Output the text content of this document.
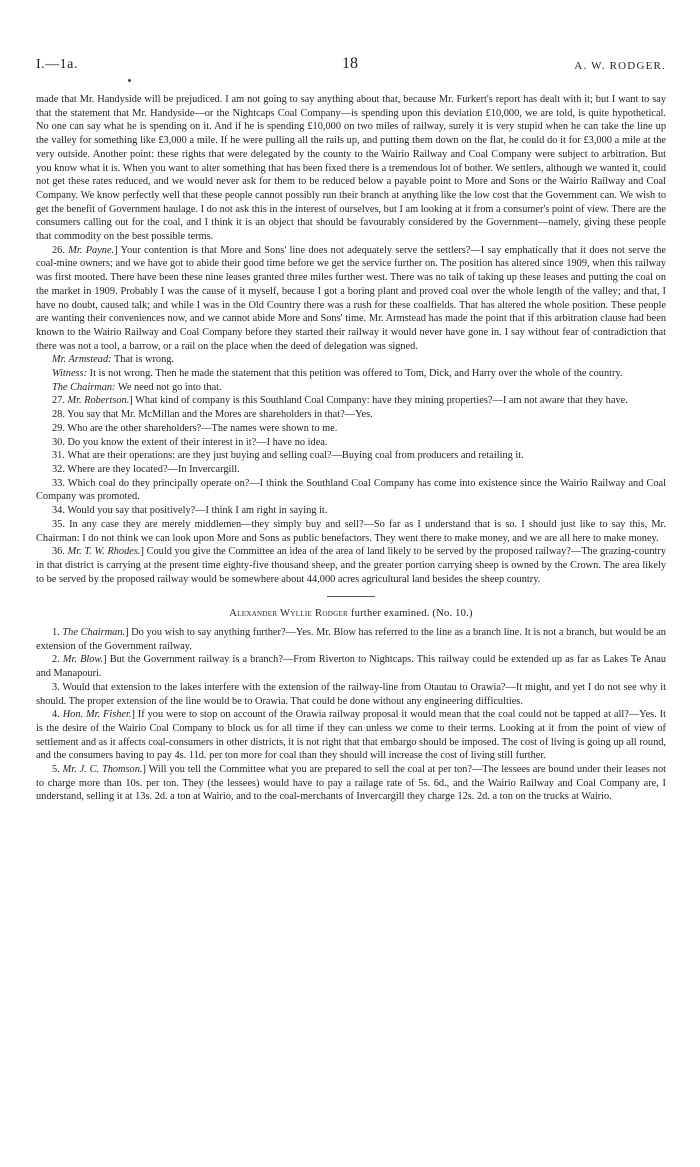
I.—1a.	18	A. W. RODGER.

made that Mr. Handyside will be prejudiced. I am not going to say anything about that, because Mr. Furkert's report has dealt with it; but I want to say that the statement that Mr. Handyside—or the Nightcaps Coal Company—is spending upon this deviation £10,000, we are told, is quite hypothetical. No one can say what he is spending on it. And if he is spending £10,000 on two miles of railway, surely it is very stupid when he can take the line up the valley for something like £3,000 a mile. If he were pulling all the rails up, and putting them down on the flat, he could do it for £3,000 a mile at the very outside. Another point: these rights that were delegated by the county to the Wairio Railway and Coal Company were subject to arbitration. But you know what it is. When you want to alter something that has been fixed there is a tremendous lot of bother. We settlers, although we wanted it, could not get these rates reduced, and we would never ask for them to be reduced below a payable point to More and Sons or the Wairio Railway and Coal Company. We know perfectly well that these people cannot possibly run their branch at anything like the low cost that the Government can. We wish to get the benefit of Government haulage. I do not ask this in the interest of ourselves, but I am looking at it from a consumer's point of view. There are the consumers calling out for the coal, and I think it is an object that should be favourably considered by the Government—namely, giving these people that commodity on the best possible terms.

26. Mr. Payne.] Your contention is that More and Sons' line does not adequately serve the settlers?—I say emphatically that it does not serve the coal-mine owners; and we have got to abide their good time before we get the service further on. The position has altered since 1909, when this railway was first mooted. There have been these nine leases granted three miles further west. There was no talk of taking up these leases and putting the coal on the market in 1909. Probably I was the cause of it myself, because I got a boring plant and proved coal over the whole length of the valley; and that, I have no doubt, caused talk; and while I was in the Old Country there was a rush for these coalfields. That has altered the whole position. These people are wanting their conveniences now, and we cannot abide More and Sons' time. Mr. Armstead has made the point that if this arbitration clause had been known to the Wairio Railway and Coal Company before they started their railway it would never have gone in. I say without fear of contradiction that there was not a tool, a barrow, or a rail on the place when the deed of delegation was signed.

Mr. Armstead: That is wrong.

Witness: It is not wrong. Then he made the statement that this petition was offered to Tom, Dick, and Harry over the whole of the country.

The Chairman: We need not go into that.

27. Mr. Robertson.] What kind of company is this Southland Coal Company: have they mining properties?—I am not aware that they have.

28. You say that Mr. McMillan and the Mores are shareholders in that?—Yes.

29. Who are the other shareholders?—The names were shown to me.

30. Do you know the extent of their interest in it?—I have no idea.

31. What are their operations: are they just buying and selling coal?—Buying coal from producers and retailing it.

32. Where are they located?—In Invercargill.

33. Which coal do they principally operate on?—I think the Southland Coal Company has come into existence since the Wairio Railway and Coal Company was promoted.

34. Would you say that positively?—I think I am right in saying it.

35. In any case they are merely middlemen—they simply buy and sell?—So far as I understand that is so. I should just like to say this, Mr. Chairman: I do not think we can look upon More and Sons as public benefactors. They went there to make money, and we are all here to make money.

36. Mr. T. W. Rhodes.] Could you give the Committee an idea of the area of land likely to be served by the proposed railway?—The grazing-country in that district is carrying at the present time eighty-five thousand sheep, and the greater portion carrying sheep is owned by the Crown. The area likely to be served by the proposed railway would be somewhere about 44,000 acres agricultural land besides the sheep country.

Alexander Wyllie Rodger further examined. (No. 10.)

1. The Chairman.] Do you wish to say anything further?—Yes. Mr. Blow has referred to the line as a branch line. It is not a branch, but would be an extension of the Government railway.

2. Mr. Blow.] But the Government railway is a branch?—From Riverton to Nightcaps. This railway could be extended up as far as Lakes Te Anau and Manapouri.

3. Would that extension to the lakes interfere with the extension of the railway-line from Otautau to Orawia?—It might, and yet I do not see why it should. The proper extension of the line would be to Orawia. That could be done without any engineering difficulties.

4. Hon. Mr. Fisher.] If you were to stop on account of the Orawia railway proposal it would mean that the coal could not be tapped at all?—Yes. It is the desire of the Wairio Coal Company to block us for all time if they can unless we come to their terms. Looking at it from the point of view of settlement and as it affects coal-consumers in other districts, it is not right that that embargo should be imposed. The cost of living is going up all round, and the consumers having to pay 4s. 11d. per ton more for coal than they should will increase the cost of living still further.

5. Mr. J. C. Thomson.] Will you tell the Committee what you are prepared to sell the coal at per ton?—The lessees are bound under their leases not to charge more than 10s. per ton. They (the lessees) would have to pay a railage rate of 5s. 6d., and the Wairio Railway and Coal Company are, I understand, selling it at 13s. 2d. a ton at Wairio, and to the coal-merchants of Invercargill they charge 12s. 2d. a ton on the trucks at Wairio.
